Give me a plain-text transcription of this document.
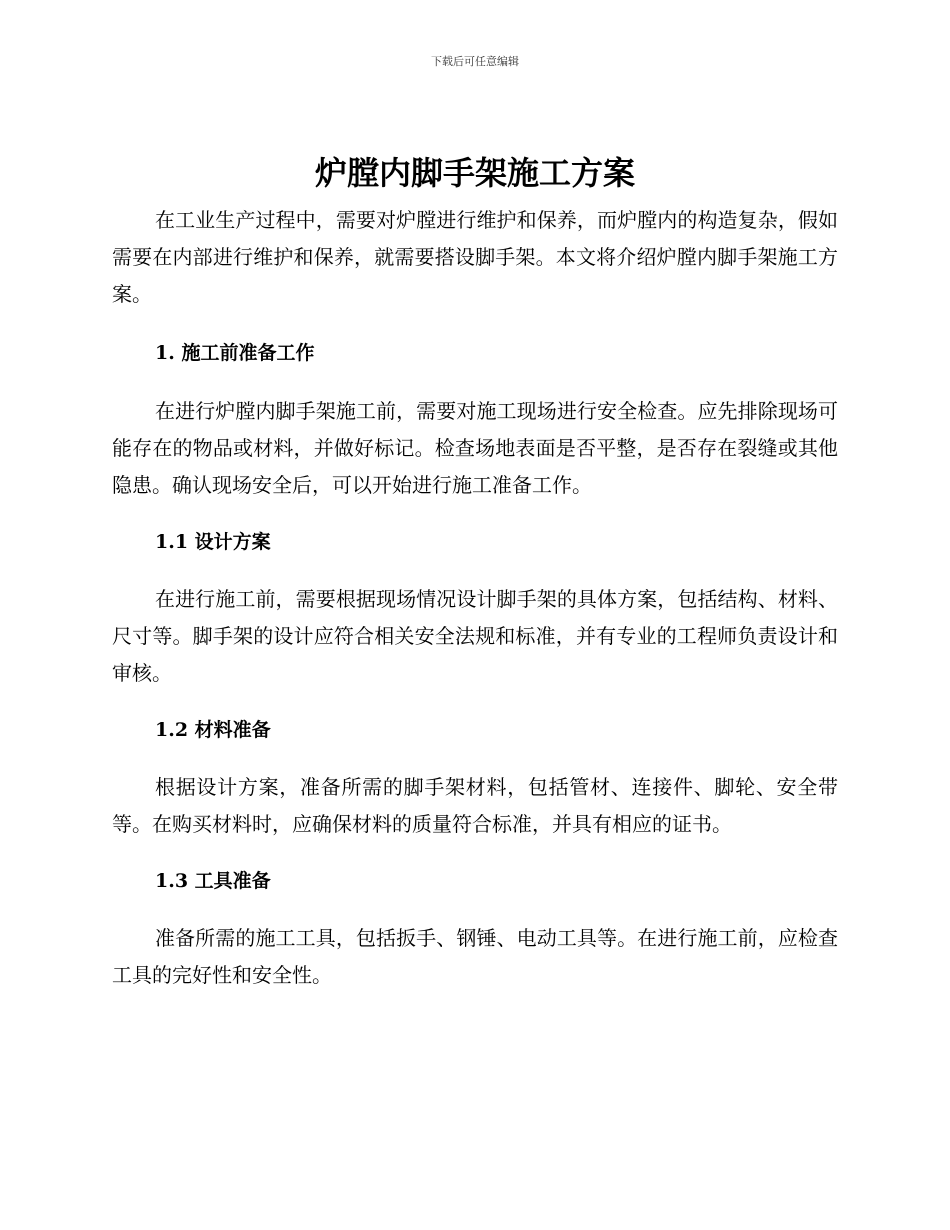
下载后可任意编辑
炉膛内脚手架施工方案

在工业生产过程中，需要对炉膛进行维护和保养，而炉膛内的构造复杂，假如需要在内部进行维护和保养，就需要搭设脚手架。本文将介绍炉膛内脚手架施工方案。

1. 施工前准备工作

在进行炉膛内脚手架施工前，需要对施工现场进行安全检查。应先排除现场可能存在的物品或材料，并做好标记。检查场地表面是否平整，是否存在裂缝或其他隐患。确认现场安全后，可以开始进行施工准备工作。

1.1 设计方案

在进行施工前，需要根据现场情况设计脚手架的具体方案，包括结构、材料、尺寸等。脚手架的设计应符合相关安全法规和标准，并有专业的工程师负责设计和审核。

1.2 材料准备

根据设计方案，准备所需的脚手架材料，包括管材、连接件、脚轮、安全带等。在购买材料时，应确保材料的质量符合标准，并具有相应的证书。

1.3 工具准备

准备所需的施工工具，包括扳手、钢锤、电动工具等。在进行施工前，应检查工具的完好性和安全性。
